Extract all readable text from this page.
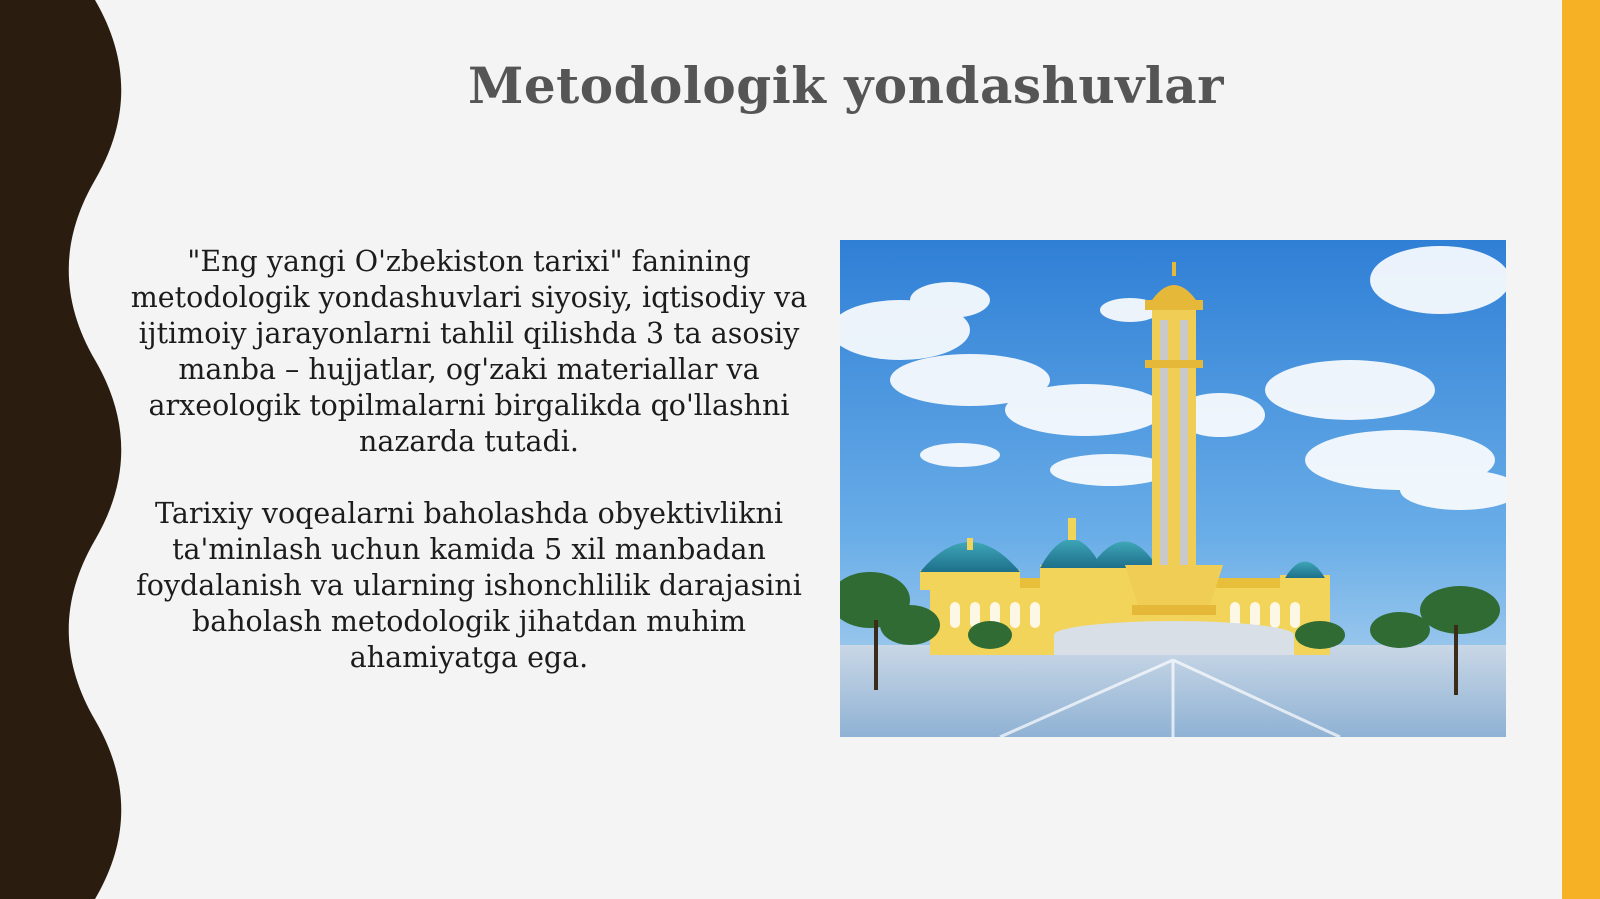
Metodologik yondashuvlar

"Eng yangi O'zbekiston tarixi" fanining metodologik yondashuvlari siyosiy, iqtisodiy va ijtimoiy jarayonlarni tahlil qilishda 3 ta asosiy manba – hujjatlar, og'zaki materiallar va arxeologik topilmalarni birgalikda qo'llashni nazarda tutadi.

Tarixiy voqealarni baholashda obyektivlikni ta'minlash uchun kamida 5 xil manbadan foydalanish va ularning ishonchlilik darajasini baholash metodologik jihatdan muhim ahamiyatga ega.
